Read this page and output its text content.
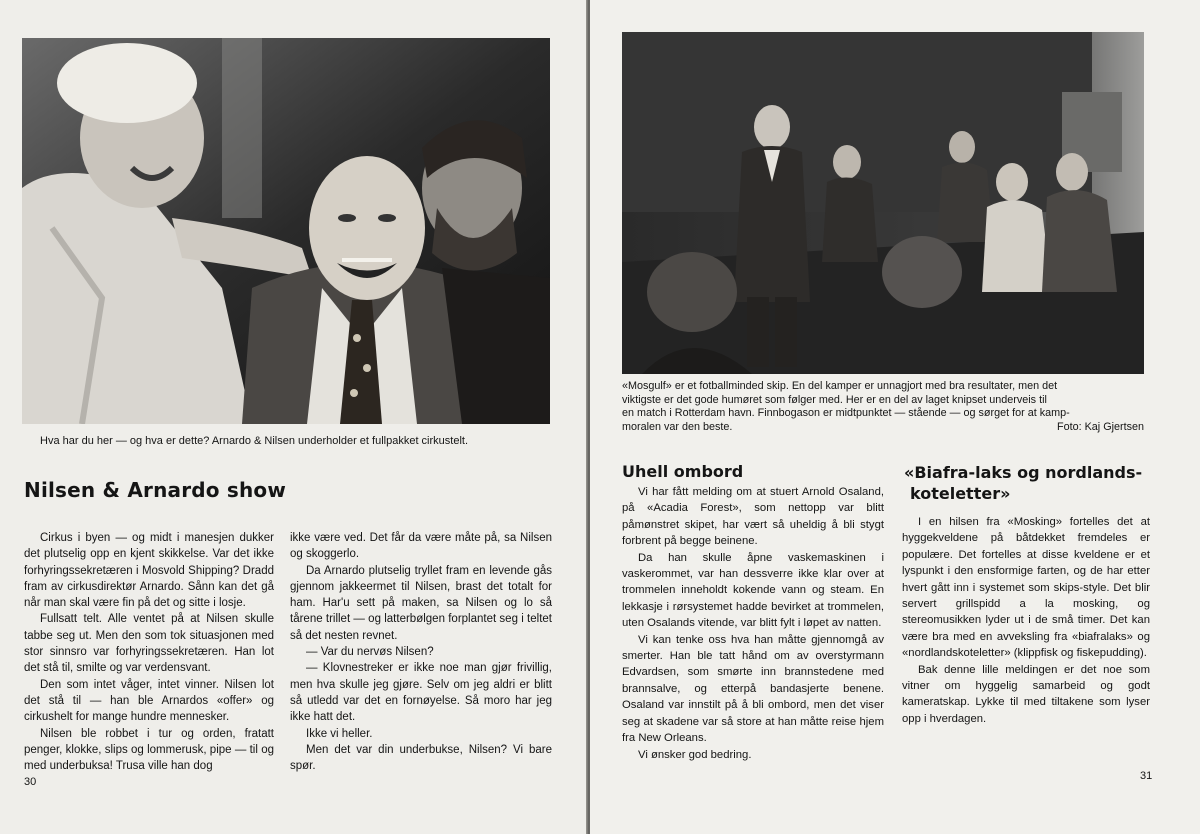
Hva har du her — og hva er dette? Arnardo & Nilsen underholder et fullpakket cirkustelt.
Nilsen & Arnardo show

Cirkus i byen — og midt i manesjen dukker det plutselig opp en kjent skikkelse. Var det ikke forhyringssekretæren i Mosvold Shipping? Dradd fram av cirkusdirektør Arnardo. Sånn kan det gå når man skal være fin på det og sitte i losje.

Fullsatt telt. Alle ventet på at Nilsen skulle tabbe seg ut. Men den som tok situasjonen med stor sinnsro var forhyringssekretæren. Han lot det stå til, smilte og var verdensvant.

Den som intet våger, intet vinner. Nilsen lot det stå til — han ble Arnardos «offer» og cirkushelt for mange hundre mennesker.

Nilsen ble robbet i tur og orden, fratatt penger, klokke, slips og lommerusk, pipe — til og med underbuksa! Trusa ville han dog

ikke være ved. Det får da være måte på, sa Nilsen og skoggerlo.

Da Arnardo plutselig tryllet fram en levende gås gjennom jakkeermet til Nilsen, brast det totalt for ham. Har'u sett på maken, sa Nilsen og lo så tårene trillet — og latterbølgen forplantet seg i teltet så det nesten revnet.

— Var du nervøs Nilsen?

— Klovnestreker er ikke noe man gjør frivillig, men hva skulle jeg gjøre. Selv om jeg aldri er blitt så utledd var det en fornøyelse. Så moro har jeg ikke hatt det.

Ikke vi heller.

Men det var din underbukse, Nilsen? Vi bare spør.

30
«Mosgulf» er et fotballminded skip. En del kamper er unnagjort med bra resultater, men det
viktigste er det gode humøret som følger med. Her er en del av laget knipset underveis til
en match i Rotterdam havn. Finnbogason er midtpunktet — stående — og sørget for at kamp-
moralen var den beste.	Foto: Kaj Gjertsen
Uhell ombord

Vi har fått melding om at stuert Arnold Osaland, på «Acadia Forest», som nettopp var blitt påmønstret skipet, har vært så uheldig å bli stygt forbrent på begge beinene.

Da han skulle åpne vaskemaskinen i vaskerommet, var han dessverre ikke klar over at trommelen inneholdt kokende vann og steam. En lekkasje i rørsystemet hadde bevirket at trommelen, uten Osalands vitende, var blitt fylt i løpet av natten.

Vi kan tenke oss hva han måtte gjennomgå av smerter. Han ble tatt hånd om av overstyrmann Edvardsen, som smørte inn brannstedene med brannsalve, og etterpå bandasjerte benene. Osaland var innstilt på å bli ombord, men det viser seg at skadene var så store at han måtte reise hjem fra New Orleans.

Vi ønsker god bedring.

«Biafra-laks og nordlands-
koteletter»

I en hilsen fra «Mosking» fortelles det at hyggekveldene på båtdekket fremdeles er populære. Det fortelles at disse kveldene er et lyspunkt i den ensformige farten, og de har etter hvert gått inn i systemet som skips-style. Det blir servert grillspidd a la mosking, og stereomusikken lyder ut i de små timer. Det kan være bra med en avveksling fra «biafralaks» og «nordlandskoteletter» (klippfisk og fiskepudding).

Bak denne lille meldingen er det noe som vitner om hyggelig samarbeid og godt kameratskap. Lykke til med tiltakene som lyser opp i hverdagen.

31
